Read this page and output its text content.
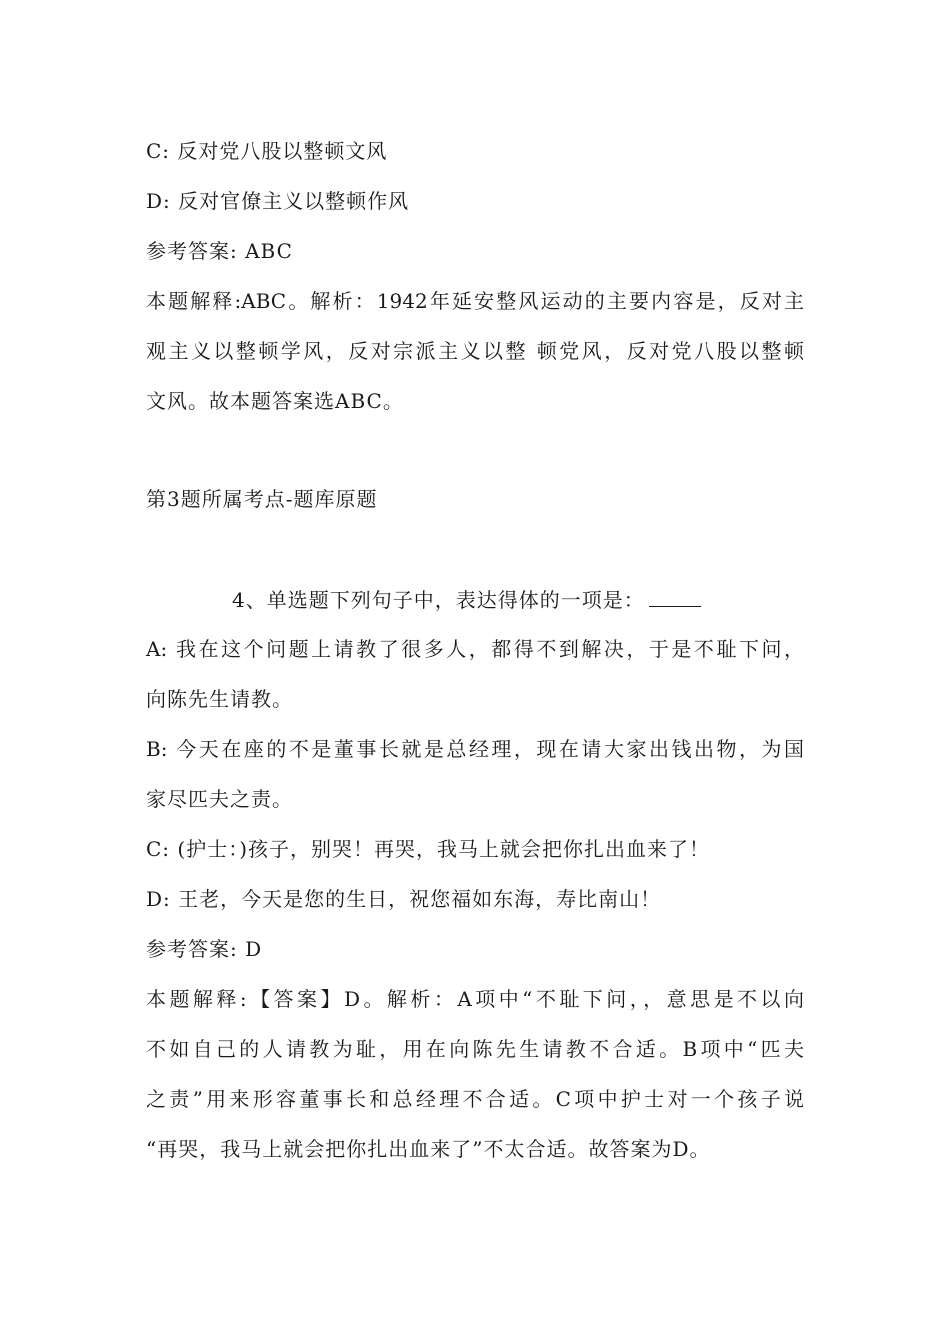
C: 反对党八股以整顿文风
D: 反对官僚主义以整顿作风
参考答案: ABC
本题解释:ABC。解析：1942年延安整风运动的主要内容是，反对主
观主义以整顿学风，反对宗派主义以整 顿党风，反对党八股以整顿
文风。故本题答案选ABC。
第3题所属考点-题库原题
4、单选题下列句子中，表达得体的一项是：
A: 我在这个问题上请教了很多人，都得不到解决，于是不耻下问，
向陈先生请教。
B: 今天在座的不是董事长就是总经理，现在请大家出钱出物，为国
家尽匹夫之责。
C: (护士：)孩子，别哭！再哭，我马上就会把你扎出血来了！
D: 王老，今天是您的生日，祝您福如东海，寿比南山！
参考答案: D
本题解释:【答案】D。解析：A项中“不耻下问，，意思是不以向
不如自己的人请教为耻，用在向陈先生请教不合适。B项中“匹夫
之责”用来形容董事长和总经理不合适。C项中护士对一个孩子说
“再哭，我马上就会把你扎出血来了”不太合适。故答案为D。
